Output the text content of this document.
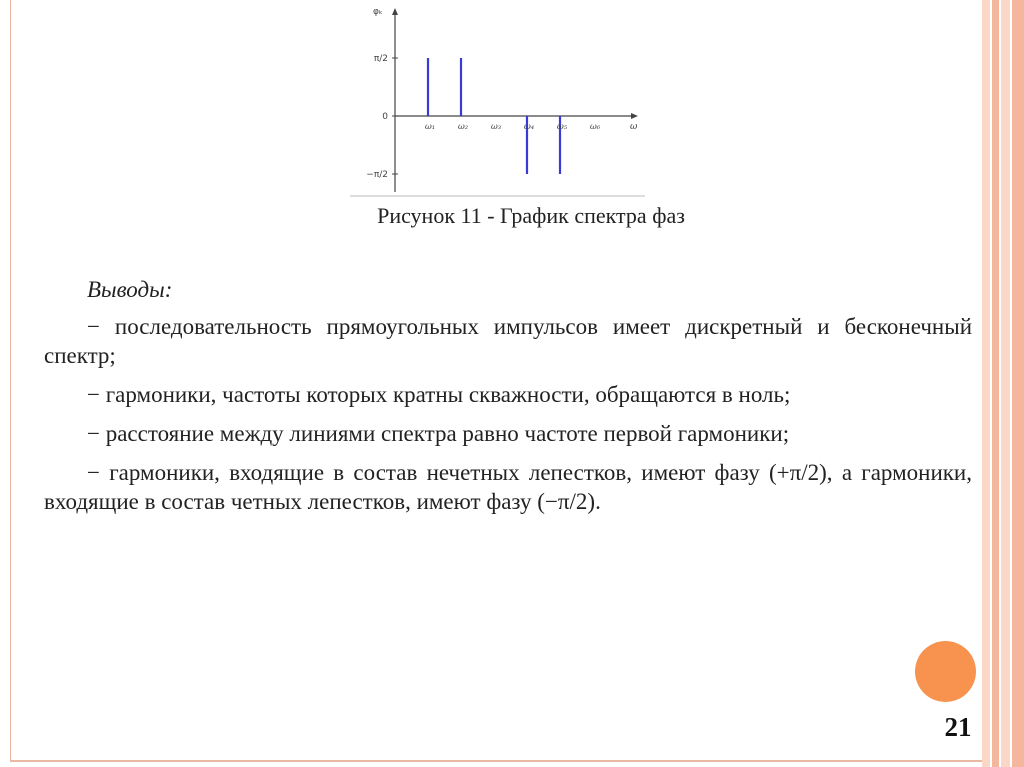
π/2
0
−π/2
φₖ
ω
ω₁	ω₂	ω₃	ω₄	ω₅	ω₆
Рисунок 11 - График спектра фаз

Выводы:

− последовательность прямоугольных импульсов имеет дискретный и бесконечный спектр;

− гармоники, частоты которых кратны скважности, обращаются в ноль;

− расстояние между линиями спектра равно частоте первой гармоники;

− гармоники, входящие в состав нечетных лепестков, имеют фазу (+π/2), а гармоники, входящие в состав четных лепестков, имеют фазу (−π/2).

21
